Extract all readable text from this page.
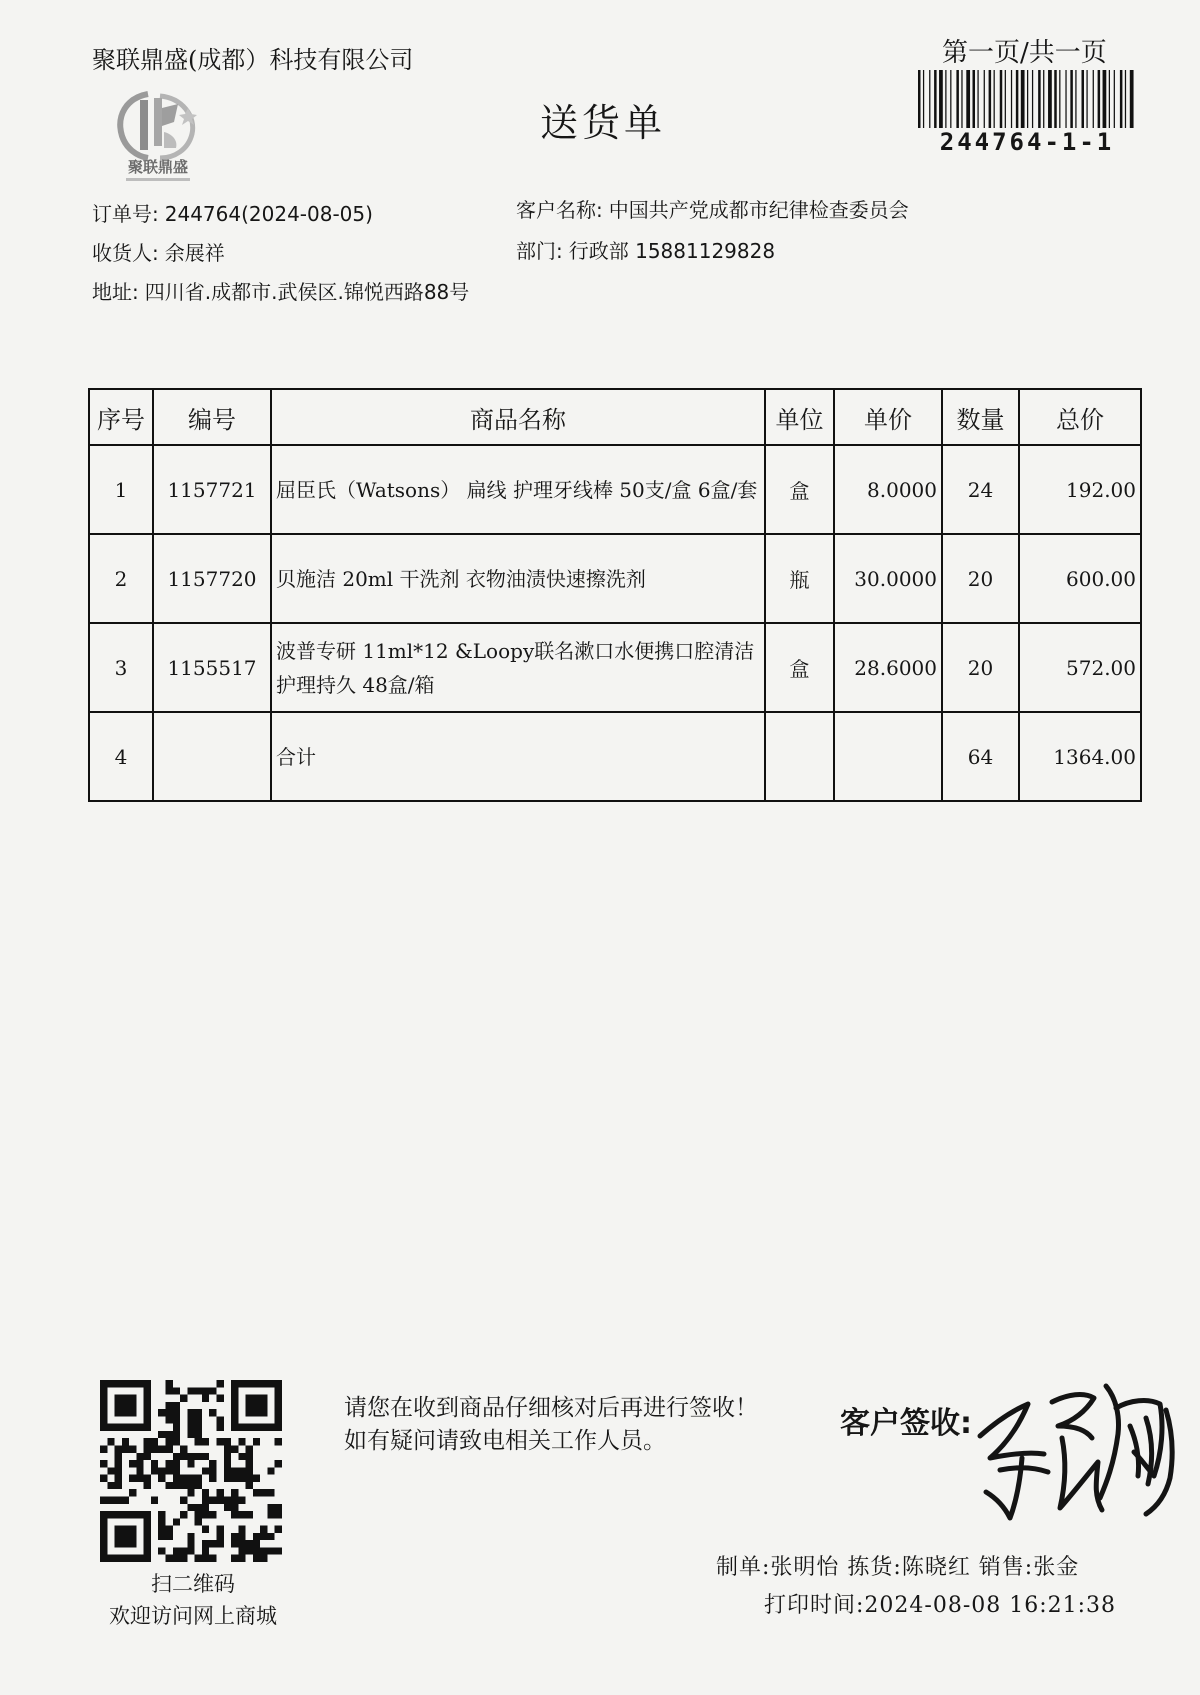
聚联鼎盛(成都）科技有限公司	第一页/共一页
聚联鼎盛
送货单	244764-1-1
订单号: 244764(2024-08-05)	客户名称: 中国共产党成都市纪律检查委员会
收货人: 余展祥	部门: 行政部 15881129828
地址: 四川省.成都市.武侯区.锦悦西路88号
序号	编号	商品名称	单位	单价	数量	总价
1	1157721	屈臣氏（Watsons） 扁线 护理牙线棒 50支/盒 6盒/套	盒	8.0000	24	192.00
2	1157720	贝施洁 20ml 干洗剂 衣物油渍快速擦洗剂	瓶	30.0000	20	600.00
3	1155517	波普专研 11ml*12 &Loopy联名漱口水便携口腔清洁护理持久 48盒/箱	盒	28.6000	20	572.00
4		合计			64	1364.00
扫二维码
欢迎访问网上商城
请您在收到商品仔细核对后再进行签收！如有疑问请致电相关工作人员。	客户签收:
制单:张明怡 拣货:陈晓红 销售:张金
打印时间:2024-08-08 16:21:38
